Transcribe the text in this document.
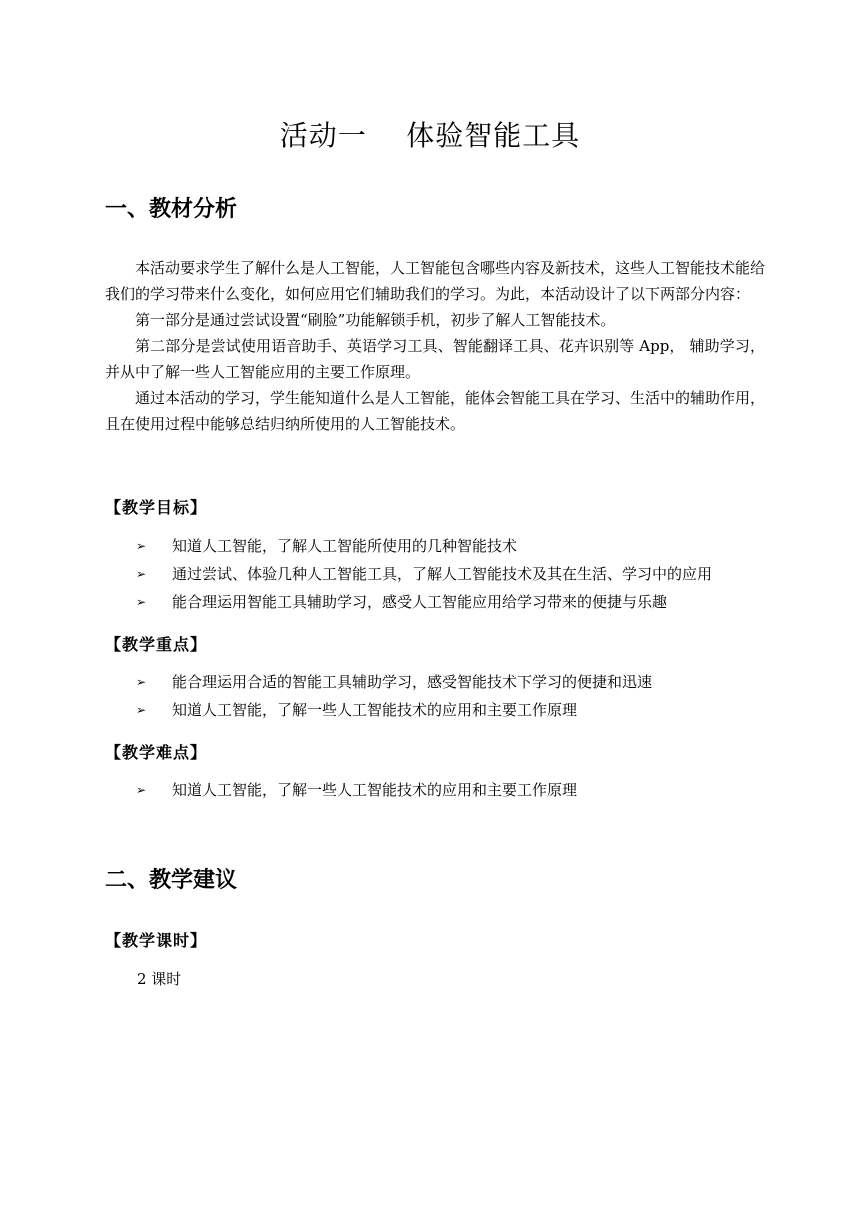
活动一    体验智能工具
一、教材分析

本活动要求学生了解什么是人工智能，人工智能包含哪些内容及新技术，这些人工智能技术能给我们的学习带来什么变化，如何应用它们辅助我们的学习。为此，本活动设计了以下两部分内容：

第一部分是通过尝试设置“刷脸”功能解锁手机，初步了解人工智能技术。

第二部分是尝试使用语音助手、英语学习工具、智能翻译工具、花卉识别等 App， 辅助学习，并从中了解一些人工智能应用的主要工作原理。

通过本活动的学习，学生能知道什么是人工智能，能体会智能工具在学习、生活中的辅助作用，且在使用过程中能够总结归纳所使用的人工智能技术。

【教学目标】
➢	知道人工智能，了解人工智能所使用的几种智能技术
➢	通过尝试、体验几种人工智能工具，了解人工智能技术及其在生活、学习中的应用
➢	能合理运用智能工具辅助学习，感受人工智能应用给学习带来的便捷与乐趣
【教学重点】
➢	能合理运用合适的智能工具辅助学习，感受智能技术下学习的便捷和迅速
➢	知道人工智能，了解一些人工智能技术的应用和主要工作原理
【教学难点】
➢	知道人工智能，了解一些人工智能技术的应用和主要工作原理
二、教学建议
【教学课时】
2 课时
